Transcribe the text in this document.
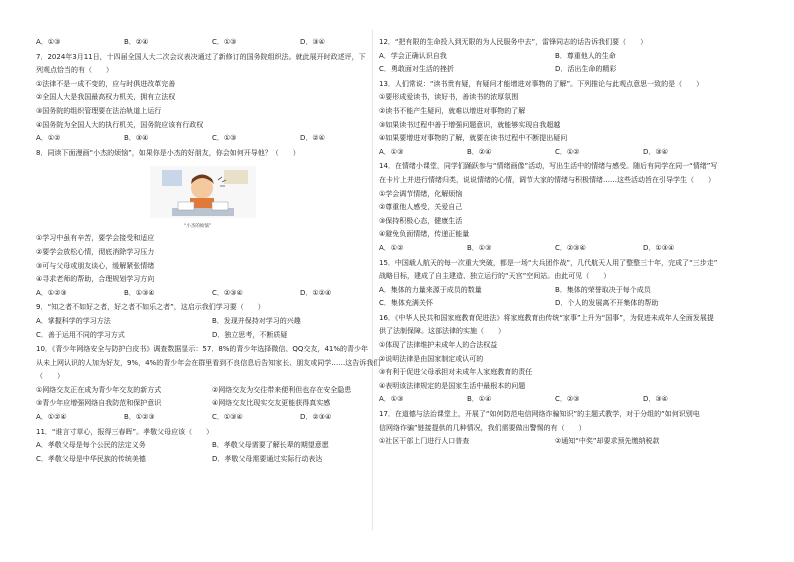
A．①③	B．②④	C．①③	D．③④
7．2024年3月11日，十四届全国人大二次会议表决通过了新修订的国务院组织法。就此展开时政述评，下
列观点恰当的有（　　）
①法律不是一成不变的，应与时俱进改革完善
②全国人大是我国最高权力机关，拥有立法权
③国务院的组织管理要在法治轨道上运行
④国务院为全国人大的执行机关，国务院应该有行政权
A．①②	B．③④	C．①③	D．②④
8．同读下面漫画“小杰的烦恼”，如果你是小杰的好朋友，你会如何开导他？（　　）
“小杰的烦恼”
①学习中虽有辛苦，要学会接受和适应
②要学会放松心情，彻底消除学习压力
③可与父母或朋友谈心，缓解紧张情绪
④寻求老师的帮助，合理规划学习方向
A．①②③	B．①③④	C．②③④	D．①②④
9．“知之者不如好之者，好之者不如乐之者”，这启示我们学习要（　　）
A．掌握科学的学习方法	B．发现并保持对学习的兴趣
C．善于运用不同的学习方式	D．独立思考，不断质疑
10．《青少年网络安全与防护白皮书》调查数据显示：57．8%的青少年选择微信、QQ交友，41%的青少年
从未上网认识的人加为好友，9%，4%的青少年会在群里看到不良信息后告知家长、朋友或同学……这告诉我们
（　　）
①网络交友正在成为青少年交友的新方式	②网络交友为交往带来便利但也存在安全隐患
③青少年应增强网络自我防范和保护意识	④网络交友比现实交友更能获得真实感
A．①②④	B．①②③	C．①③④	D．②③④
11．“谁言寸草心，报得三春晖”。孝敬父母应该（　　）
A．孝敬父母是每个公民的法定义务	B．孝敬父母需要了解长辈的期望意愿
C．孝敬父母是中华民族的传统美德	D．孝敬父母需要通过实际行动表达
12．“把有限的生命投入到无限的为人民服务中去”，雷锋同志的话告诉我们要（　　）
A．学会正确认识自我	B．尊重他人的生命
C．勇敢面对生活的挫折	D．活出生命的精彩
13．人们常说：“读书贵有疑，有疑问才能增进对事物的了解”。下列推论与此观点意思一致的是（　　）
①要形成爱读书，读好书，善读书的浓厚氛围
②读书不能产生疑问，就难以增进对事物的了解
③如果读书过程中善于增强问题意识，就能够实现自我超越
④如果要增进对事物的了解，就要在读书过程中不断提出疑问
A．①③	B．②④	C．①②	D．③④
14．在情绪小课堂，同学们踊跃参与“情绪画像”活动，写出生活中的情绪与感受。随后有同学在同一“情绪”写
在卡片上并进行情绪归类，说说情绪的心情，调节大家的情绪与积极情绪……这些活动旨在引导学生（　　）
①学会调节情绪，化解烦恼
②尊重他人感受，关爱自己
③保持积极心态，健康生活
④避免负面情绪，传递正能量
A．①②	B．①③	C．②③④	D．①③④
15．中国载人航天的每一次重大突破，都是一场“大兵团作战”，几代航天人用了整整三十年，完成了“三步走”
战略目标，建成了自主建造、独立运行的“天宫”空间站。由此可见（　　）
A．集体的力量来源于成员的数量	B．集体的荣誉取决于每个成员
C．集体充满关怀	D．个人的发展离不开集体的帮助
16．《中华人民共和国家庭教育促进法》将家庭教育由传统“家事”上升为“国事”，为促进未成年人全面发展提
供了法制保障。这部法律的实施（　　）
①体现了法律维护未成年人的合法权益
②说明法律是由国家制定或认可的
③有利于促进父母承担对未成年人家庭教育的责任
④表明该法律规定的是国家生活中最根本的问题
A．①③	B．①④	C．②③	D．③④
17．在道德与法治课堂上，开展了“如何防范电信网络诈骗知识”的主题式教学，对于分组的“如何识别电
信网络诈骗”链接提供的几种情况，我们需要做出警惕的有（　　）
①社区干部上门进行人口普查	②通知“中奖”却要求预先缴纳税款
